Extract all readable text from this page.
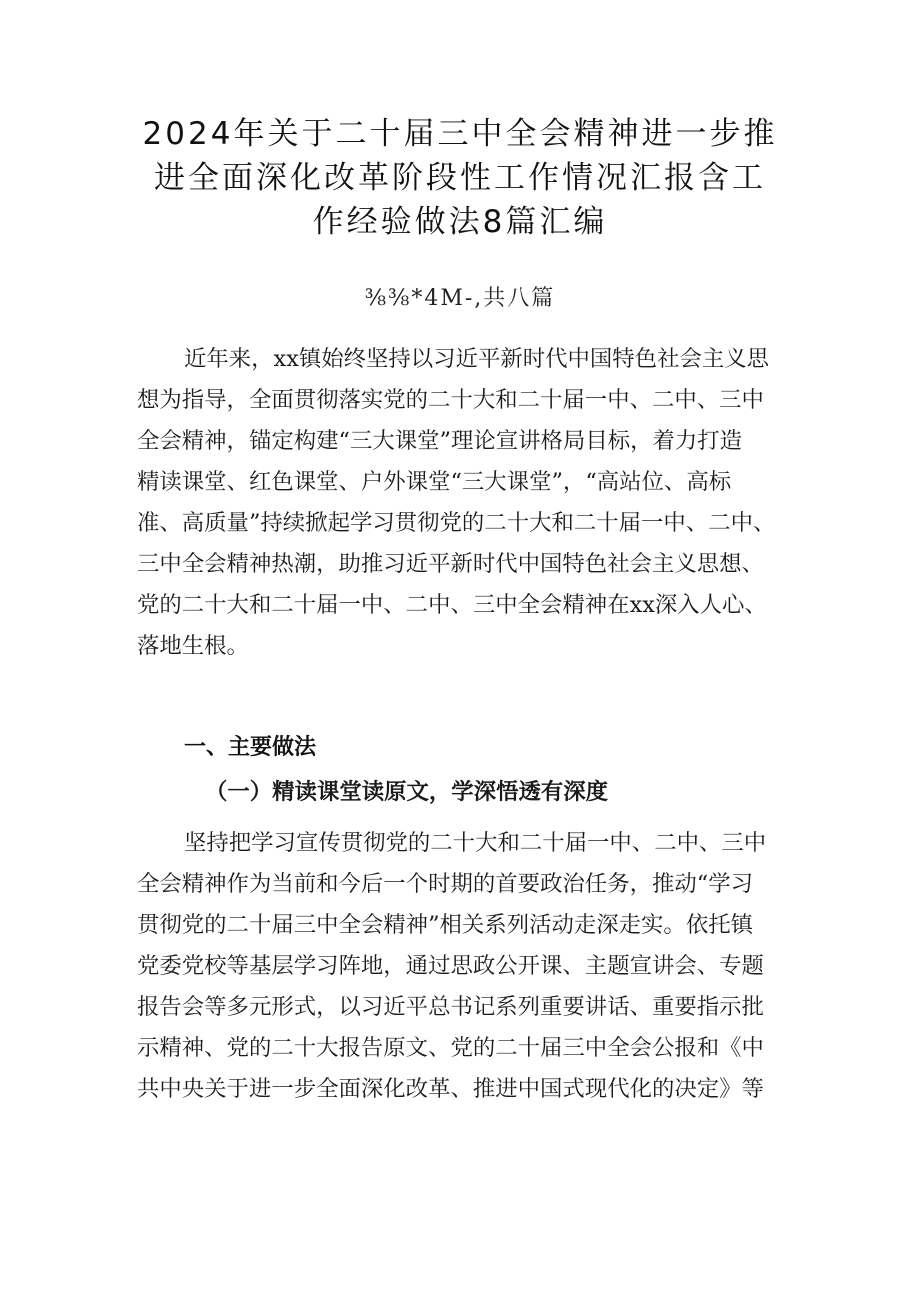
2024年关于二十届三中全会精神进一步推
进全面深化改革阶段性工作情况汇报含工
作经验做法8篇汇编
⅜⅜*4M-,共八篇

近年来，xx镇始终坚持以习近平新时代中国特色社会主义思
想为指导，全面贯彻落实党的二十大和二十届一中、二中、三中
全会精神，锚定构建“三大课堂”理论宣讲格局目标，着力打造
精读课堂、红色课堂、户外课堂“三大课堂”，“高站位、高标
准、高质量”持续掀起学习贯彻党的二十大和二十届一中、二中、
三中全会精神热潮，助推习近平新时代中国特色社会主义思想、
党的二十大和二十届一中、二中、三中全会精神在xx深入人心、
落地生根。

一、主要做法
（一）精读课堂读原文，学深悟透有深度

坚持把学习宣传贯彻党的二十大和二十届一中、二中、三中
全会精神作为当前和今后一个时期的首要政治任务，推动“学习
贯彻党的二十届三中全会精神”相关系列活动走深走实。依托镇
党委党校等基层学习阵地，通过思政公开课、主题宣讲会、专题
报告会等多元形式，以习近平总书记系列重要讲话、重要指示批
示精神、党的二十大报告原文、党的二十届三中全会公报和《中
共中央关于进一步全面深化改革、推进中国式现代化的决定》等
